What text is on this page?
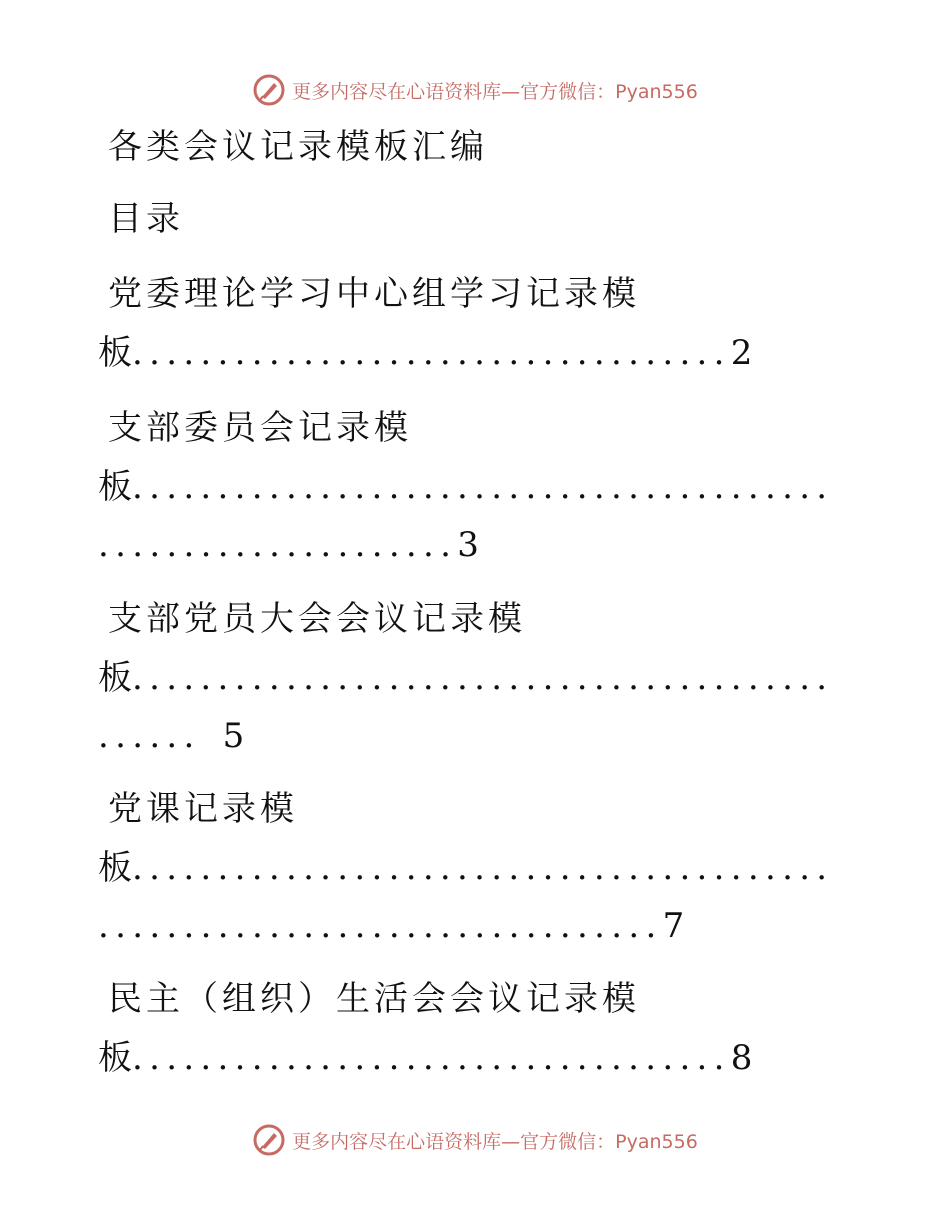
更多内容尽在心语资料库—官方微信：Pyan556
各类会议记录模板汇编
目录
党委理论学习中心组学习记录模
板...................................2
支部委员会记录模
板.........................................
.....................3
支部党员大会会议记录模
板.........................................
...... 5
党课记录模
板.........................................
.................................7
民主（组织）生活会会议记录模
板...................................8
更多内容尽在心语资料库—官方微信：Pyan556
